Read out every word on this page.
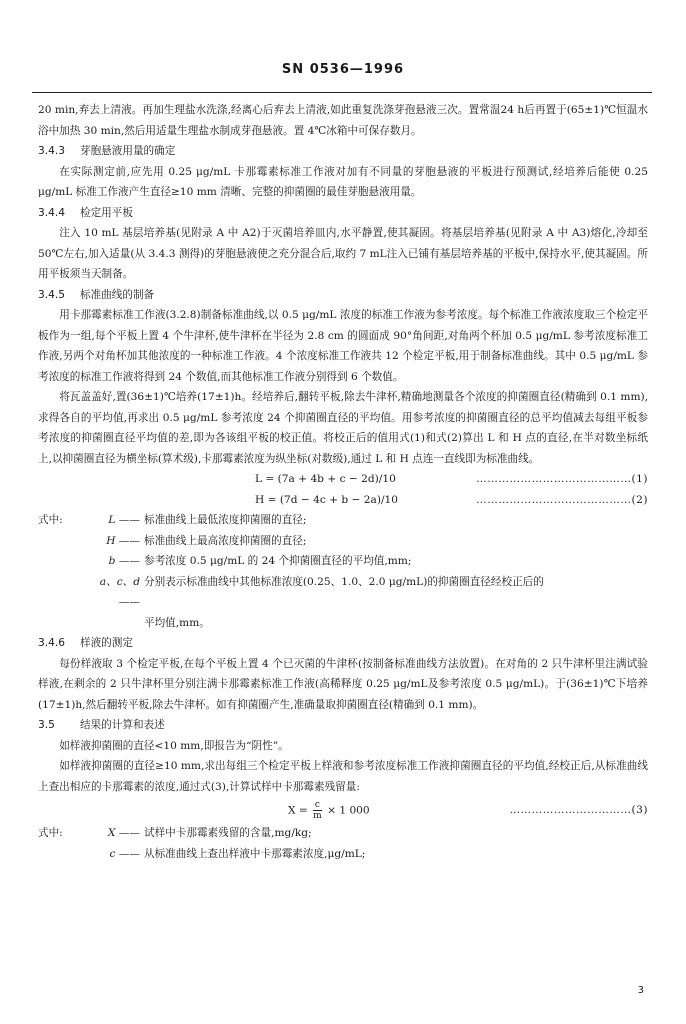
SN 0536—1996

20 min,弃去上清液。再加生理盐水洗涤,经离心后弃去上清液,如此重复洗涤芽孢悬液三次。置常温24 h后再置于(65±1)℃恒温水浴中加热 30 min,然后用适量生理盐水制成芽孢悬液。置 4℃冰箱中可保存数月。

3.4.3 芽胞悬液用量的确定

在实际测定前,应先用 0.25 μg/mL 卡那霉素标准工作液对加有不同量的芽胞悬液的平板进行预测试,经培养后能使 0.25 μg/mL 标准工作液产生直径≥10 mm 清晰、完整的抑菌圈的最佳芽胞悬液用量。

3.4.4 检定用平板

注入 10 mL 基层培养基(见附录 A 中 A2)于灭菌培养皿内,水平静置,使其凝固。将基层培养基(见附录 A 中 A3)熔化,冷却至 50℃左右,加入适量(从 3.4.3 测得)的芽胞悬液使之充分混合后,取约 7 mL注入已铺有基层培养基的平板中,保持水平,使其凝固。所用平板须当天制备。

3.4.5 标准曲线的制备

用卡那霉素标准工作液(3.2.8)制备标准曲线,以 0.5 μg/mL 浓度的标准工作液为参考浓度。每个标准工作液浓度取三个检定平板作为一组,每个平板上置 4 个牛津杯,使牛津杯在半径为 2.8 cm 的圆面成 90°角间距,对角两个杯加 0.5 μg/mL 参考浓度标准工作液,另两个对角杯加其他浓度的一种标准工作液。4 个浓度标准工作液共 12 个检定平板,用于制备标准曲线。其中 0.5 μg/mL 参考浓度的标准工作液将得到 24 个数值,而其他标准工作液分别得到 6 个数值。

将瓦盖盖好,置(36±1)℃培养(17±1)h。经培养后,翻转平板,除去牛津杯,精确地测量各个浓度的抑菌圈直径(精确到 0.1 mm),求得各自的平均值,再求出 0.5 μg/mL 参考浓度 24 个抑菌圈直径的平均值。用参考浓度的抑菌圈直径的总平均值减去每组平板参考浓度的抑菌圈直径平均值的差,即为各该组平板的校正值。将校正后的值用式(1)和式(2)算出 L 和 H 点的直径,在半对数坐标纸上,以抑菌圈直径为横坐标(算术级),卡那霉素浓度为纵坐标(对数级),通过 L 和 H 点连一直线即为标准曲线。

L = (7a + 4b + c − 2d)/10	……………………………………(1)
H = (7d − 4c + b − 2a)/10	……………………………………(2)
式中:	L —— 标准曲线上最低浓度抑菌圈的直径;
H —— 标准曲线上最高浓度抑菌圈的直径;
b —— 参考浓度 0.5 μg/mL 的 24 个抑菌圈直径的平均值,mm;
a、c、d ——
分别表示标准曲线中其他标准浓度(0.25、1.0、2.0 μg/mL)的抑菌圈直径经校正后的
平均值,mm。

3.4.6 样液的测定

每份样液取 3 个检定平板,在每个平板上置 4 个已灭菌的牛津杯(按制备标准曲线方法放置)。在对角的 2 只牛津杯里注满试验样液,在剩余的 2 只牛津杯里分别注满卡那霉素标准工作液(高稀释度 0.25 μg/mL及参考浓度 0.5 μg/mL)。于(36±1)℃下培养(17±1)h,然后翻转平板,除去牛津杯。如有抑菌圈产生,准确量取抑菌圈直径(精确到 0.1 mm)。

3.5 结果的计算和表述

如样液抑菌圈的直径<10 mm,即报告为“阴性”。

如样液抑菌圈的直径≥10 mm,求出每组三个检定平板上样液和参考浓度标准工作液抑菌圈直径的平均值,经校正后,从标准曲线上查出相应的卡那霉素的浓度,通过式(3),计算试样中卡那霉素残留量:

$X = \frac{c}{m} \times 1$ 000	……………………………(3)
式中:	X —— 试样中卡那霉素残留的含量,mg/kg;
c —— 从标准曲线上查出样液中卡那霉素浓度,μg/mL;
3
